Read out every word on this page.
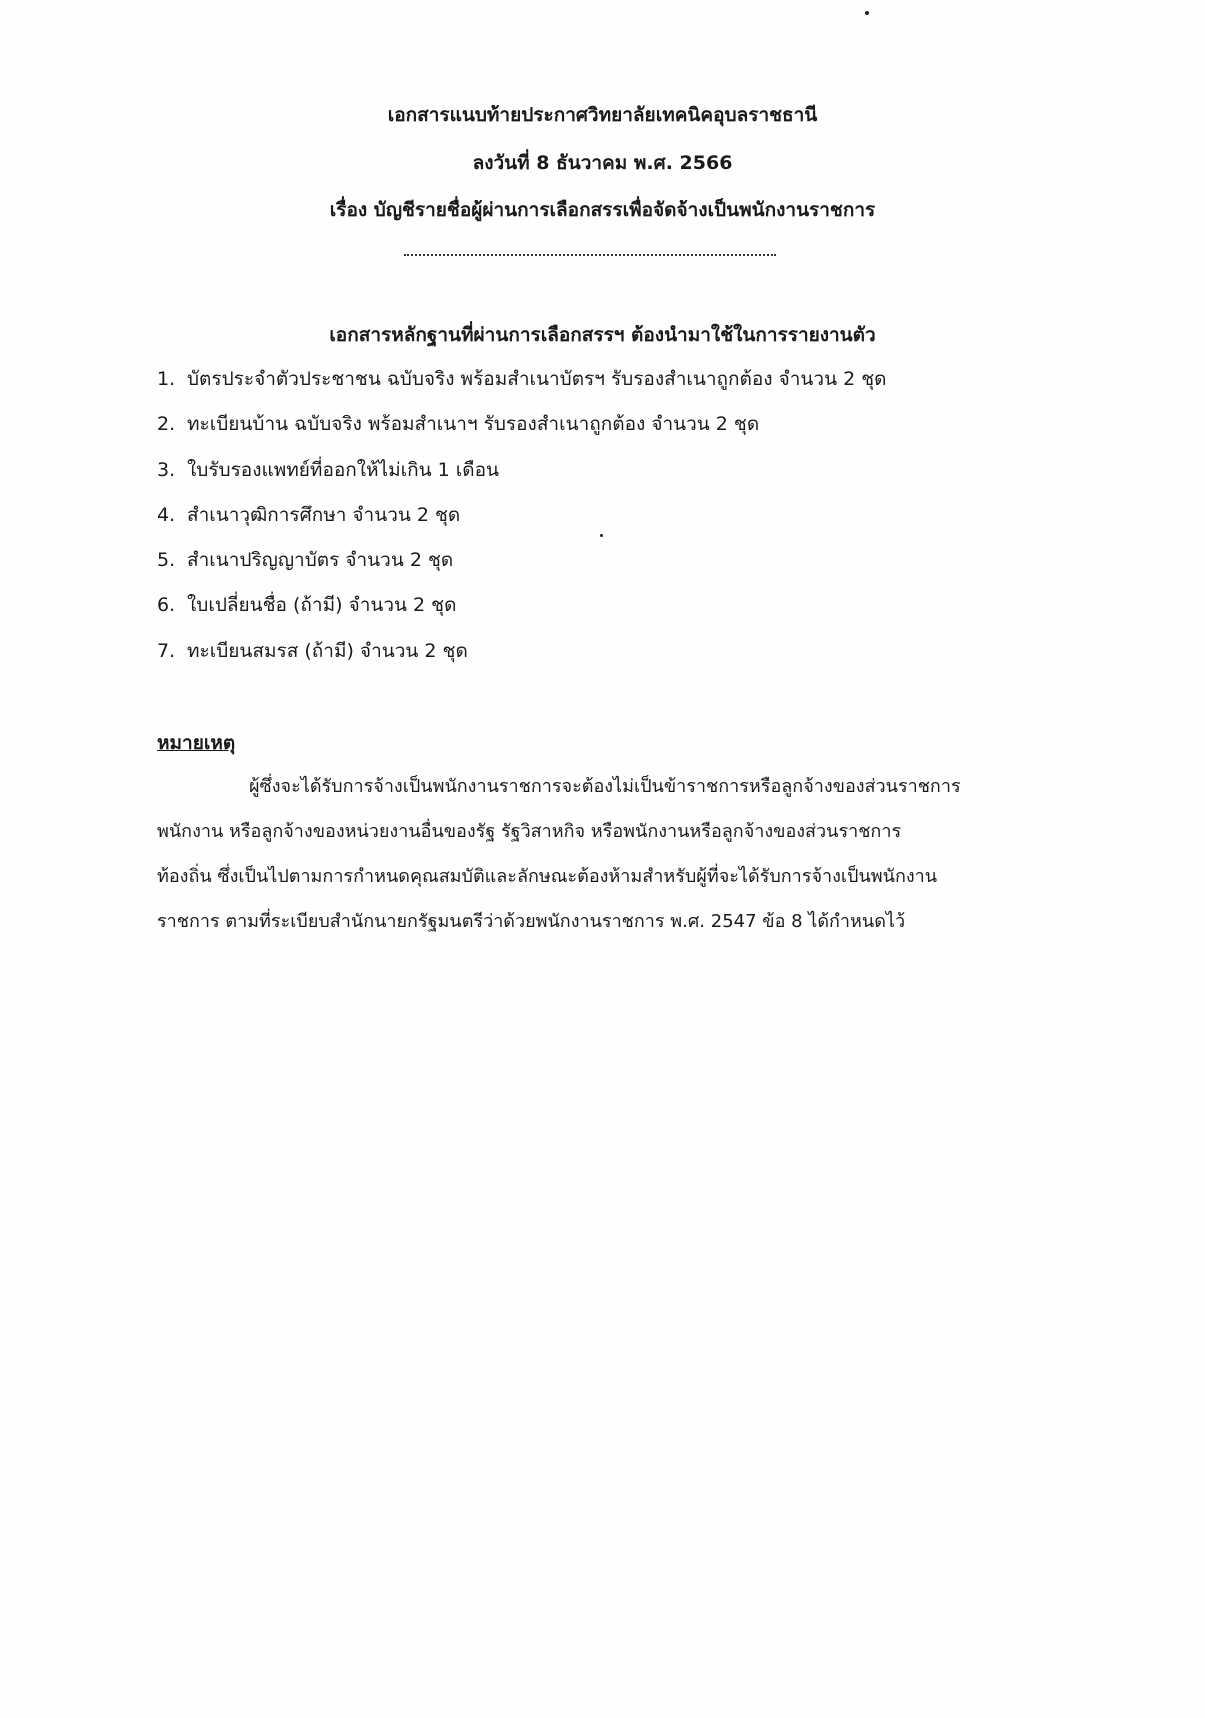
เอกสารแนบท้ายประกาศวิทยาลัยเทคนิคอุบลราชธานี
ลงวันที่ 8 ธันวาคม พ.ศ. 2566
เรื่อง บัญชีรายชื่อผู้ผ่านการเลือกสรรเพื่อจัดจ้างเป็นพนักงานราชการ
เอกสารหลักฐานที่ผ่านการเลือกสรรฯ ต้องนำมาใช้ในการรายงานตัว
1. บัตรประจำตัวประชาชน ฉบับจริง พร้อมสำเนาบัตรฯ รับรองสำเนาถูกต้อง จำนวน 2 ชุด
2. ทะเบียนบ้าน ฉบับจริง พร้อมสำเนาฯ รับรองสำเนาถูกต้อง จำนวน 2 ชุด
3. ใบรับรองแพทย์ที่ออกให้ไม่เกิน 1 เดือน
4. สำเนาวุฒิการศึกษา จำนวน 2 ชุด
5. สำเนาปริญญาบัตร จำนวน 2 ชุด
6. ใบเปลี่ยนชื่อ (ถ้ามี) จำนวน 2 ชุด
7. ทะเบียนสมรส (ถ้ามี) จำนวน 2 ชุด
หมายเหตุ
ผู้ซึ่งจะได้รับการจ้างเป็นพนักงานราชการจะต้องไม่เป็นข้าราชการหรือลูกจ้างของส่วนราชการ
พนักงาน หรือลูกจ้างของหน่วยงานอื่นของรัฐ รัฐวิสาหกิจ หรือพนักงานหรือลูกจ้างของส่วนราชการ
ท้องถิ่น ซึ่งเป็นไปตามการกำหนดคุณสมบัติและลักษณะต้องห้ามสำหรับผู้ที่จะได้รับการจ้างเป็นพนักงาน
ราชการ ตามที่ระเบียบสำนักนายกรัฐมนตรีว่าด้วยพนักงานราชการ พ.ศ. 2547 ข้อ 8 ได้กำหนดไว้
